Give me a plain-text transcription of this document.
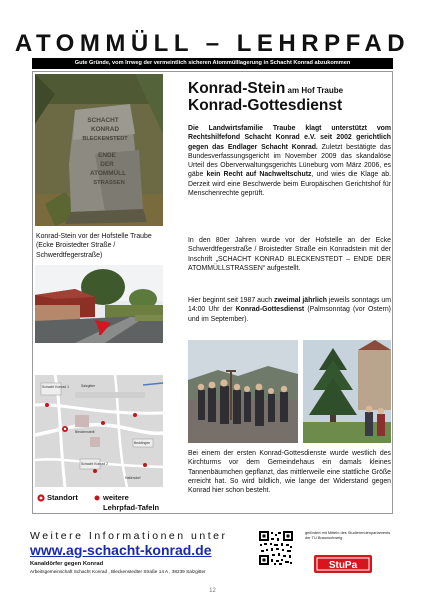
ATOMMÜLL – LEHRPFAD
Gute Gründe, vom Irrweg der vermeintlich sicheren Atommülllagerung in Schacht Konrad abzukommen
SCHACHT
KONRAD
BLECKENSTEDT
ENDE
DER
ATOMMÜLL
STRASSEN
Konrad-Stein vor der Hofstelle Traube (Ecke Broistedter Straße / Schwerdtfegerstraße)
Schacht Konrad 1	Salzgitter
Beddingen
Bleckenstedt
Schacht Konrad 2
Hallendorf
Standort	weitere
Lehrpfad-Tafeln
Konrad-Stein am Hof Traube
Konrad-Gottesdienst

Die Landwirtsfamilie Traube klagt unterstützt vom Rechtshilfefond Schacht Konrad e.V. seit 2002 gerichtlich gegen das Endlager Schacht Konrad. Zuletzt bestätigte das Bundesverfassungsgericht im November 2009 das skandalöse Urteil des Oberverwaltungsgerichts Lüneburg vom März 2006, es gäbe kein Recht auf Nachweltschutz, und wies die Klage ab. Derzeit wird eine Beschwerde beim Europäischen Gerichtshof für Menschenrechte geprüft.

In den 80er Jahren wurde vor der Hofstelle an der Ecke Schwerdtfegerstraße / Broistedter Straße ein Konradstein mit der Inschrift „SCHACHT KONRAD BLECKENSTEDT – ENDE DER ATOMMÜLLSTRASSEN“ aufgestellt.

Hier beginnt seit 1987 auch zweimal jährlich jeweils sonntags um 14:00 Uhr der Konrad-Gottesdienst (Palmsonntag (vor Ostern) und im September).

Bei einem der ersten Konrad-Gottesdienste wurde westlich des Kirchturms vor dem Gemeindehaus ein damals kleines Tannenbäumchen gepflanzt, das mittlerweile eine stattliche Größe erreicht hat. So wird bildlich, wie lange der Widerstand gegen Konrad hier schon besteht.
Weitere Informationen unter
www.ag-schacht-konrad.de
Kanaldörfer gegen Konrad
Arbeitsgemeinschaft Schacht Konrad , Bleckenstedter Straße 14 A , 38239 Salzgitter
gefördert mit Mitteln des Studierendenparlaments der TU Braunschweig
StuPa
12
